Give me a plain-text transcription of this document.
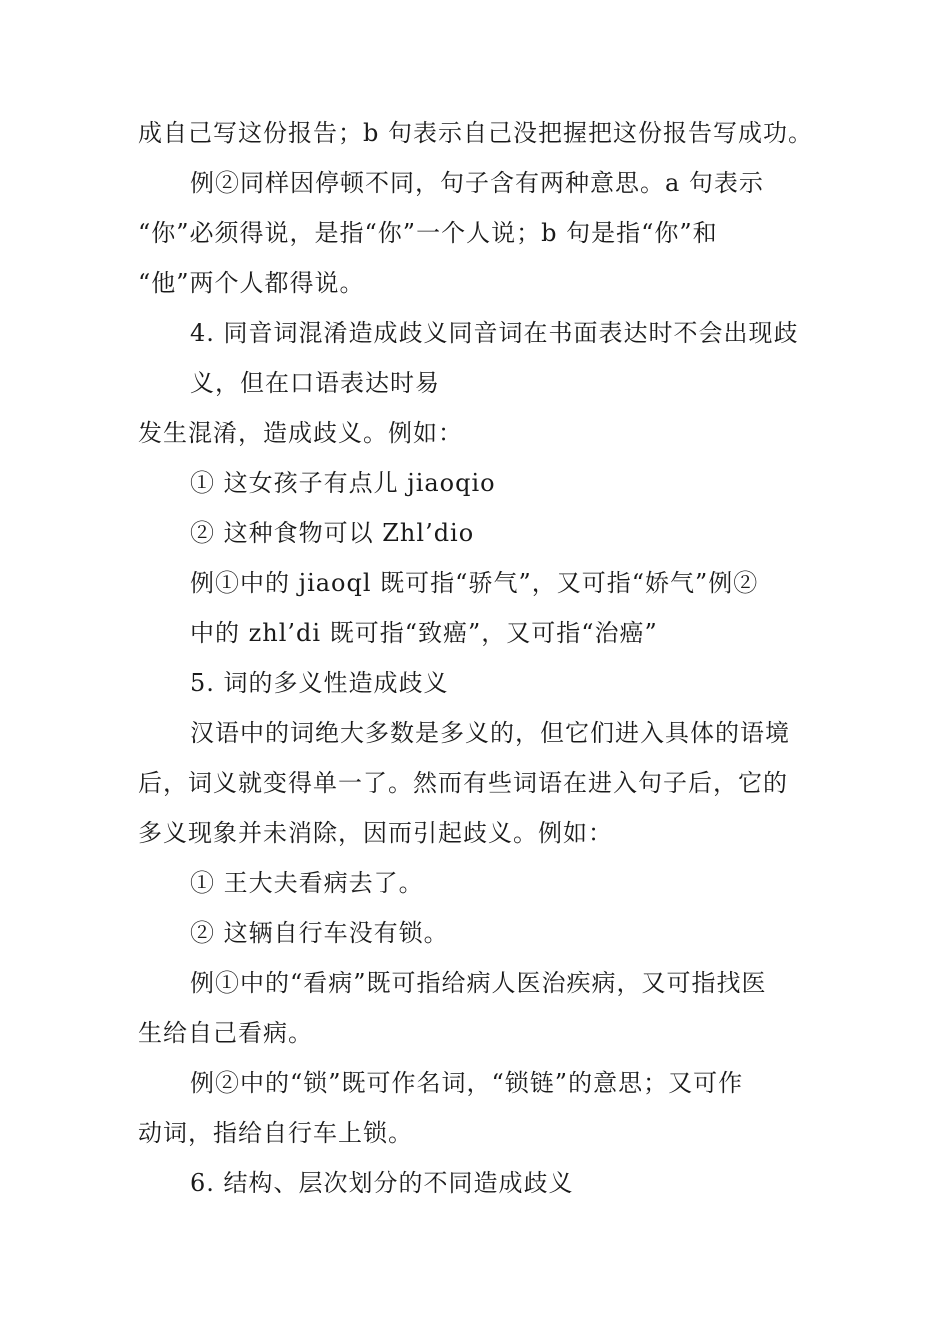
成自己写这份报告；b 句表示自己没把握把这份报告写成功。
例②同样因停顿不同，句子含有两种意思。a 句表示
“你”必须得说，是指“你”一个人说；b 句是指“你”和
“他”两个人都得说。
4. 同音词混淆造成歧义同音词在书面表达时不会出现歧
义，但在口语表达时易
发生混淆，造成歧义。例如：
① 这女孩子有点儿 jiaoqio
② 这种食物可以 Zhl’dio
例①中的 jiaoql 既可指“骄气”，又可指“娇气”例②
中的 zhl’di 既可指“致癌”，又可指“治癌”
5. 词的多义性造成歧义
汉语中的词绝大多数是多义的，但它们进入具体的语境
后，词义就变得单一了。然而有些词语在进入句子后，它的
多义现象并未消除，因而引起歧义。例如：
① 王大夫看病去了。
② 这辆自行车没有锁。
例①中的“看病”既可指给病人医治疾病，又可指找医
生给自己看病。
例②中的“锁”既可作名词，“锁链”的意思；又可作
动词，指给自行车上锁。
6. 结构、层次划分的不同造成歧义
